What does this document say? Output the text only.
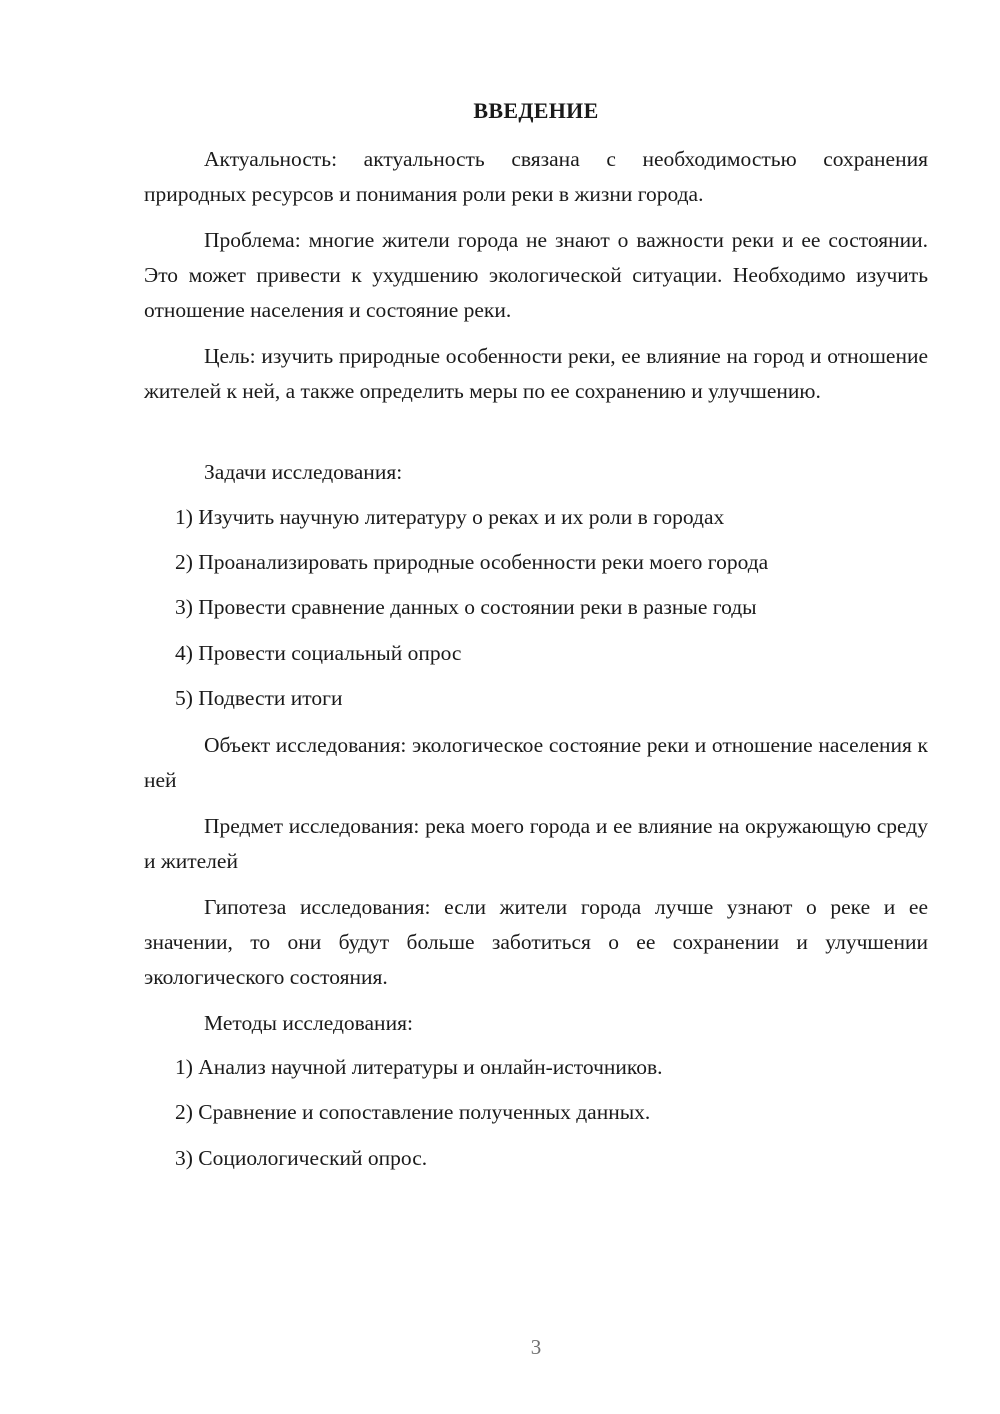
ВВЕДЕНИЕ

Актуальность: актуальность связана с необходимостью сохранения природных ресурсов и понимания роли реки в жизни города.

Проблема: многие жители города не знают о важности реки и ее состоянии. Это может привести к ухудшению экологической ситуации. Необходимо изучить отношение населения и состояние реки.

Цель: изучить природные особенности реки, ее влияние на город и отношение жителей к ней, а также определить меры по ее сохранению и улучшению.

Задачи исследования:

1) Изучить научную литературу о реках и их роли в городах

2) Проанализировать природные особенности реки моего города

3) Провести сравнение данных о состоянии реки в разные годы

4) Провести социальный опрос

5) Подвести итоги

Объект исследования: экологическое состояние реки и отношение населения к ней

Предмет исследования: река моего города и ее влияние на окружающую среду и жителей

Гипотеза исследования: если жители города лучше узнают о реке и ее значении, то они будут больше заботиться о ее сохранении и улучшении экологического состояния.

Методы исследования:

1) Анализ научной литературы и онлайн-источников.

2) Сравнение и сопоставление полученных данных.

3) Социологический опрос.

3
